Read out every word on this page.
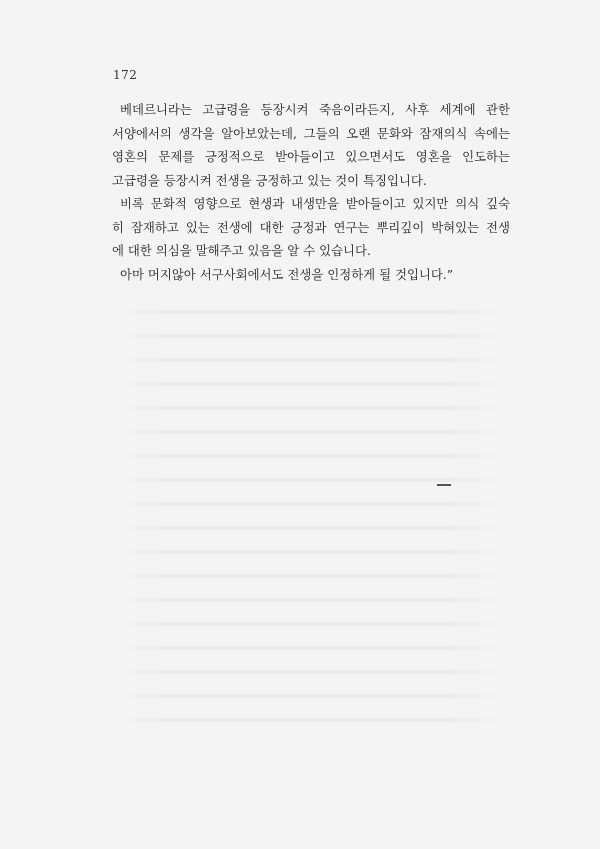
172

베데르니라는 고급령을 등장시켜 죽음이라든지, 사후 세계에 관한
서양에서의 생각을 알아보았는데, 그들의 오랜 문화와 잠재의식 속에는
영혼의 문제를 긍정적으로 받아들이고 있으면서도 영혼을 인도하는
고급령을 등장시켜 전생을 긍정하고 있는 것이 특징입니다.

비록 문화적 영향으로 현생과 내생만을 받아들이고 있지만 의식 깊숙
히 잠재하고 있는 전생에 대한 긍정과 연구는 뿌리깊이 박혀있는 전생
에 대한 의심을 말해주고 있음을 알 수 있습니다.

아마 머지않아 서구사회에서도 전생을 인정하게 될 것입니다.”
